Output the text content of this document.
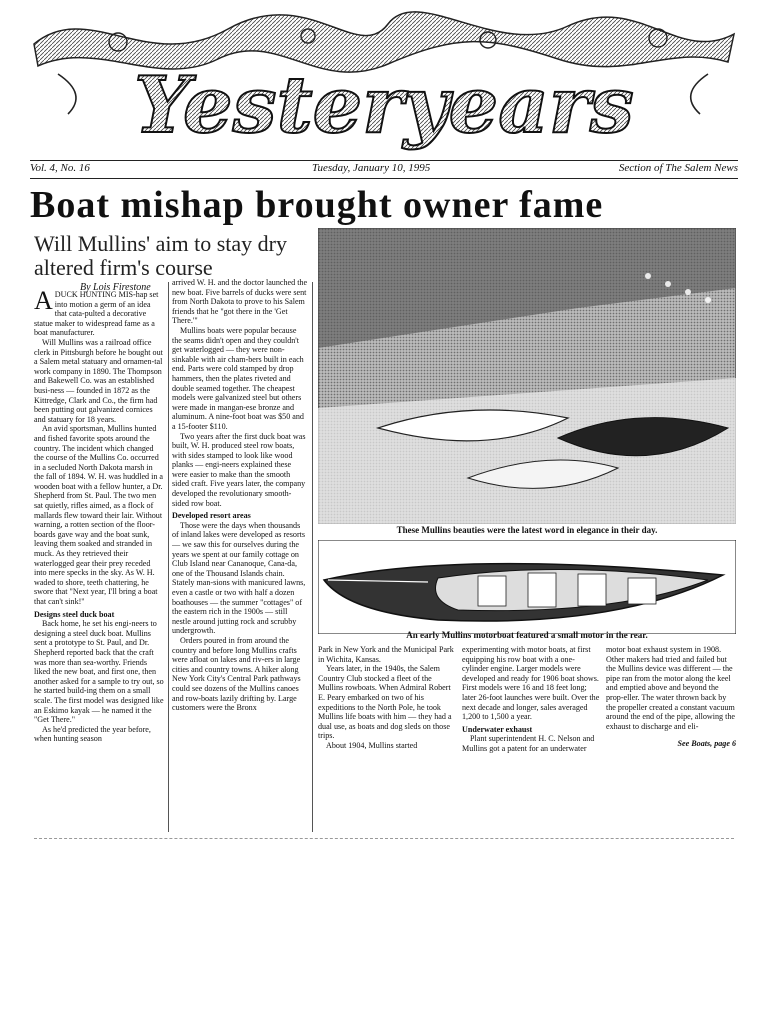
Yesteryears
Vol. 4, No. 16	Tuesday, January 10, 1995	Section of The Salem News
Boat mishap brought owner fame
Will Mullins' aim to stay dry altered firm's course
By Lois Firestone

ADUCK HUNTING MIS-hap set into motion a germ of an idea that cata-pulted a decorative statue maker to widespread fame as a boat manufacturer.

Will Mullins was a railroad office clerk in Pittsburgh before he bought out a Salem metal statuary and ornamen-tal work company in 1890. The Thompson and Bakewell Co. was an established busi-ness — founded in 1872 as the Kittredge, Clark and Co., the firm had been putting out galvanized cornices and statuary for 18 years.

An avid sportsman, Mullins hunted and fished favorite spots around the country. The incident which changed the course of the Mullins Co. occurred in a secluded North Dakota marsh in the fall of 1894. W. H. was huddled in a wooden boat with a fellow hunter, a Dr. Shepherd from St. Paul. The two men sat quietly, rifles aimed, as a flock of mallards flew toward their lair. Without warning, a rotten section of the floor-boards gave way and the boat sunk, leaving them soaked and stranded in muck. As they retrieved their waterlogged gear their prey receded into mere specks in the sky. As W. H. waded to shore, teeth chattering, he swore that "Next year, I'll bring a boat that can't sink!"

Designs steel duck boat

Back home, he set his engi-neers to designing a steel duck boat. Mullins sent a prototype to St. Paul, and Dr. Shepherd reported back that the craft was more than sea-worthy. Friends liked the new boat, and first one, then another asked for a sample to try out, so he started build-ing them on a small scale. The first model was designed like an Eskimo kayak — he named it the "Get There."

As he'd predicted the year before, when hunting season

arrived W. H. and the doctor launched the new boat. Five barrels of ducks were sent from North Dakota to prove to his Salem friends that he "got there in the 'Get There.'"

Mullins boats were popular because the seams didn't open and they couldn't get waterlogged — they were non-sinkable with air cham-bers built in each end. Parts were cold stamped by drop hammers, then the plates riveted and double seamed together. The cheapest models were galvanized steel but others were made in mangan-ese bronze and aluminum. A nine-foot boat was $50 and a 15-footer $110.

Two years after the first duck boat was built, W. H. produced steel row boats, with sides stamped to look like wood planks — engi-neers explained these were easier to make than the smooth sided craft. Five years later, the company developed the revolutionary smooth-sided row boat.

Developed resort areas

Those were the days when thousands of inland lakes were developed as resorts — we saw this for ourselves during the years we spent at our family cottage on Club Island near Cananoque, Cana-da, one of the Thousand Islands chain. Stately man-sions with manicured lawns, even a castle or two with half a dozen boathouses — the summer "cottages" of the eastern rich in the 1900s — still nestle around jutting rock and scrubby undergrowth.

Orders poured in from around the country and before long Mullins crafts were afloat on lakes and riv-ers in large cities and country towns. A hiker along New York City's Central Park pathways could see dozens of the Mullins canoes and row-boats lazily drifting by. Large customers were the Bronx

These Mullins beauties were the latest word in elegance in their day.
An early Mullins motorboat featured a small motor in the rear.

Park in New York and the Municipal Park in Wichita, Kansas.

Years later, in the 1940s, the Salem Country Club stocked a fleet of the Mullins rowboats. When Admiral Robert E. Peary embarked on two of his expeditions to the North Pole, he took Mullins life boats with him — they had a dual use, as boats and dog sleds on those trips.

About 1904, Mullins started

experimenting with motor boats, at first equipping his row boat with a one-cylinder engine. Larger models were developed and ready for 1906 boat shows. First models were 16 and 18 feet long; later 26-foot launches were built. Over the next decade and longer, sales averaged 1,200 to 1,500 a year.

Underwater exhaust

Plant superintendent H. C. Nelson and Mullins got a patent for an underwater

motor boat exhaust system in 1908. Other makers had tried and failed but the Mullins device was different — the pipe ran from the motor along the keel and emptied above and beyond the prop-eller. The water thrown back by the propeller created a constant vacuum around the end of the pipe, allowing the exhaust to discharge and eli-

See Boats, page 6
